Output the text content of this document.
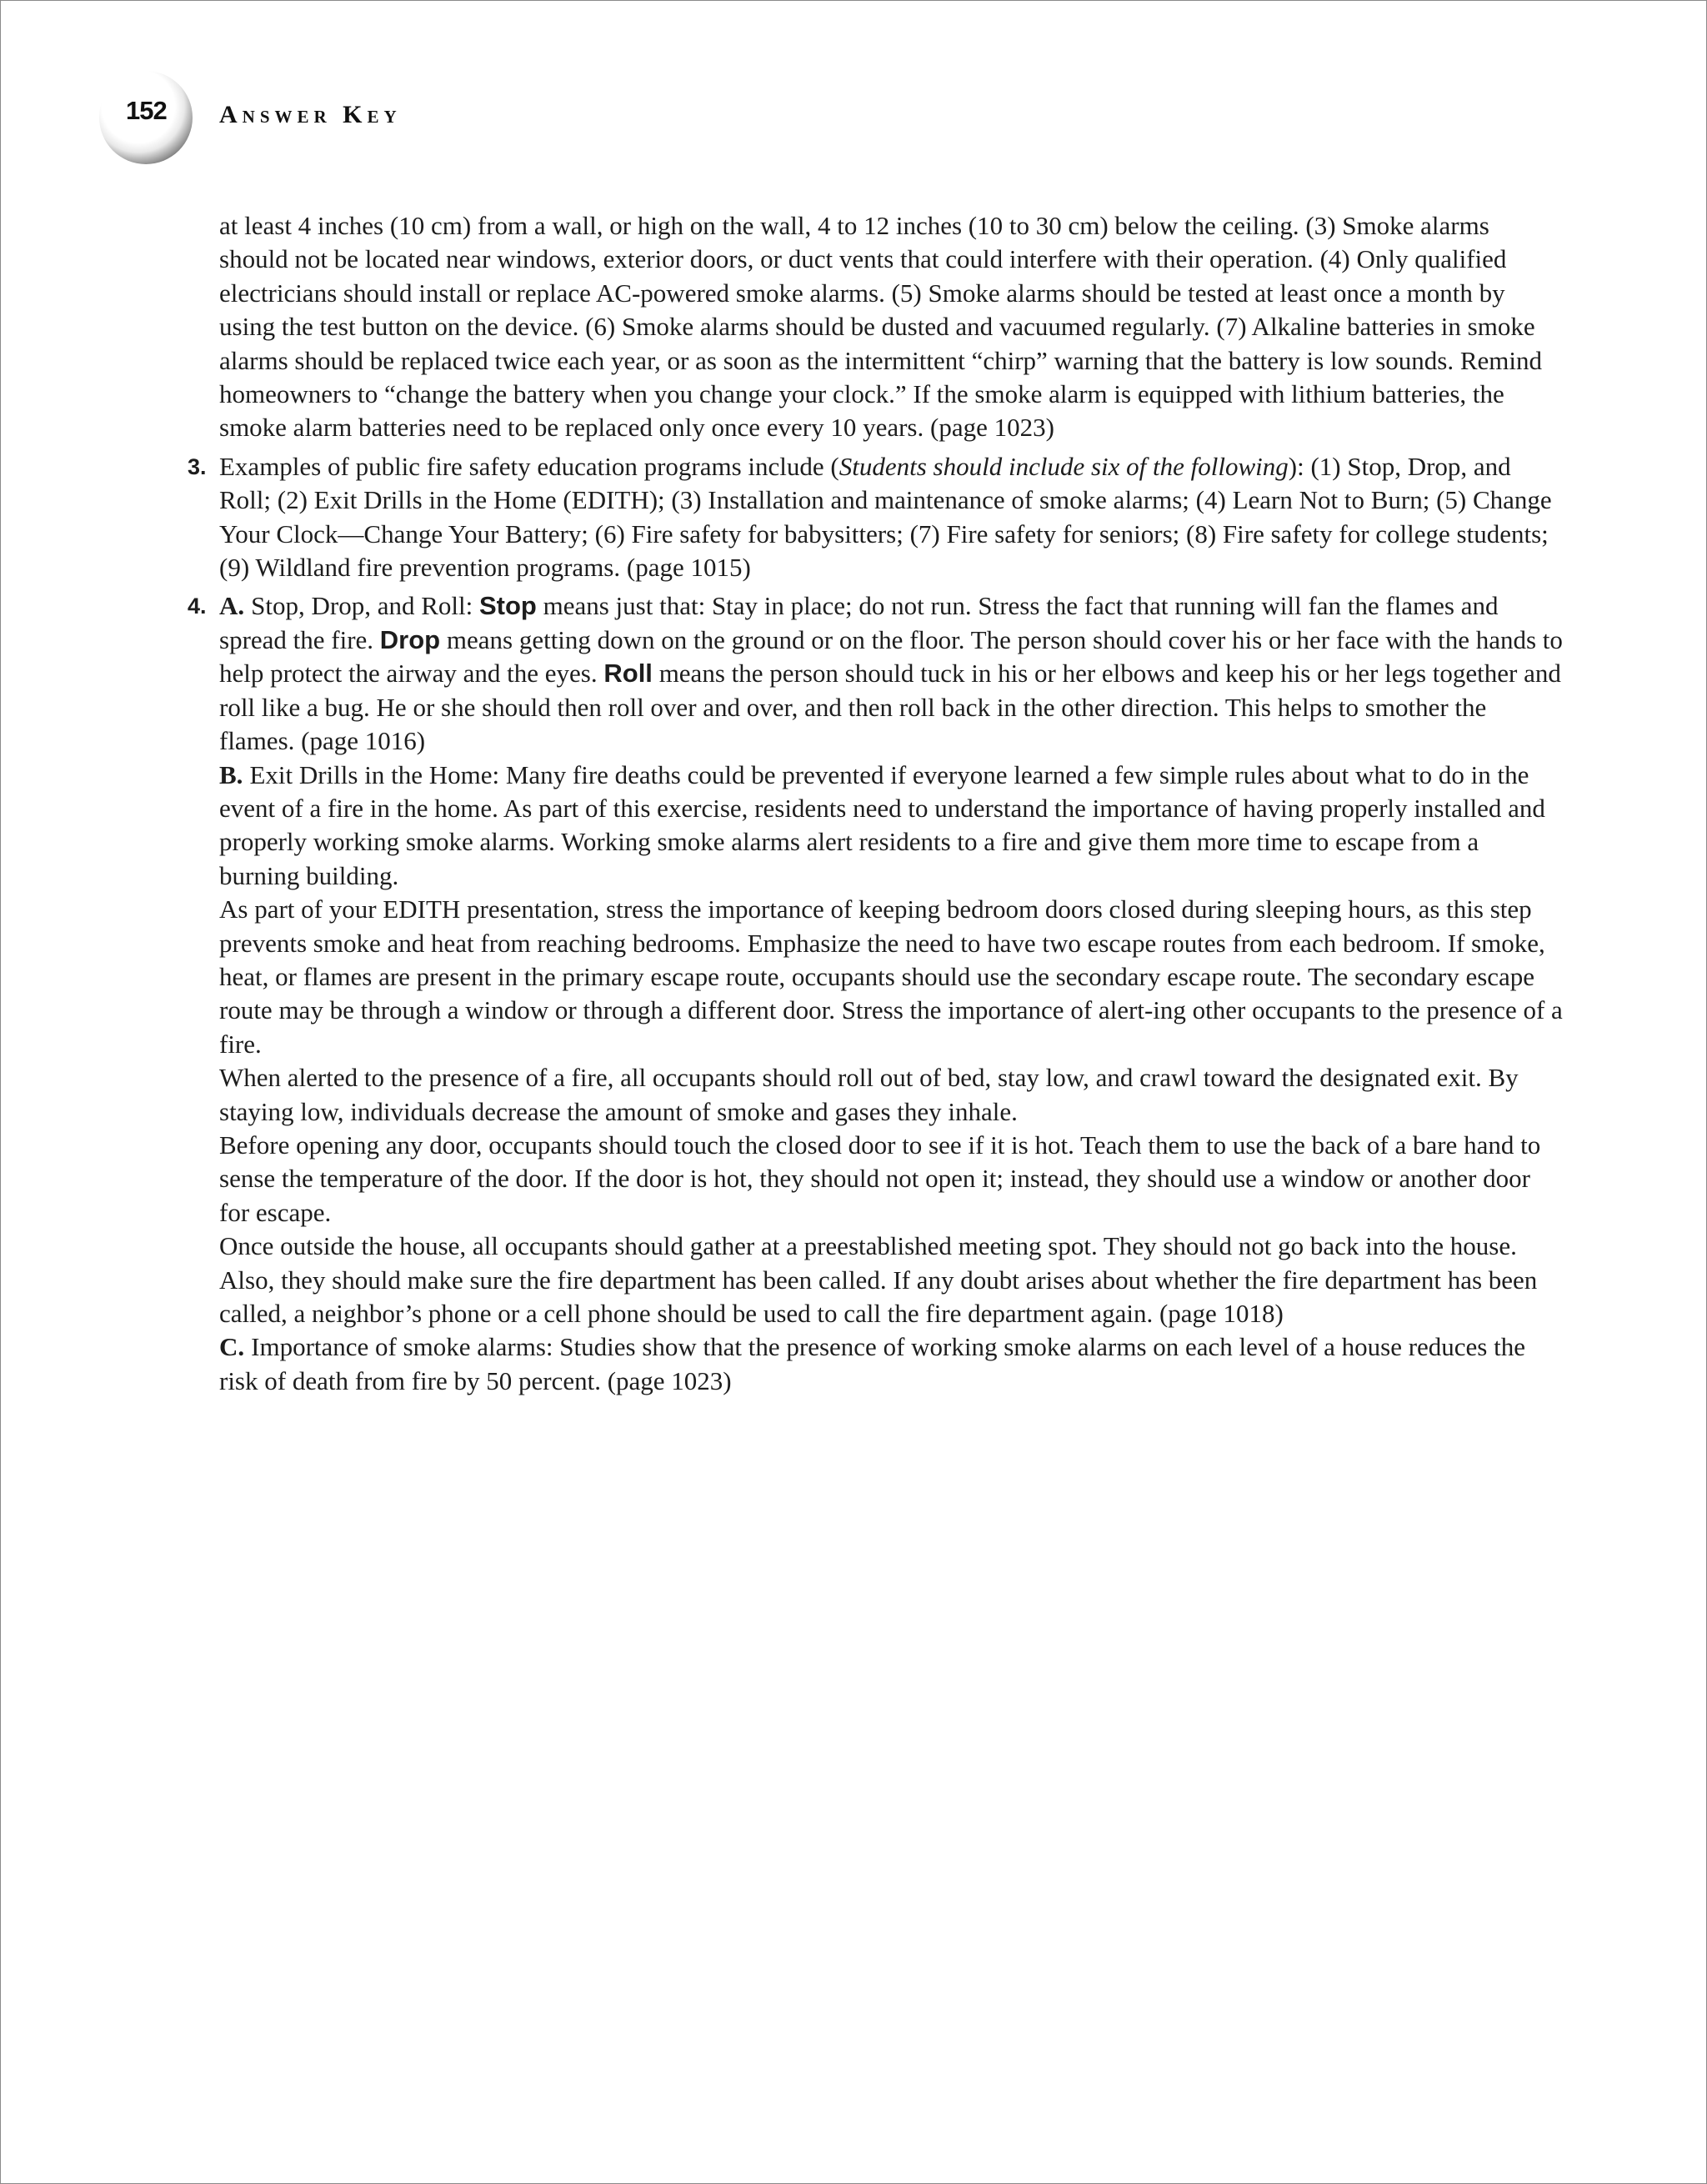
152 Answer Key

at least 4 inches (10 cm) from a wall, or high on the wall, 4 to 12 inches (10 to 30 cm) below the ceiling. (3) Smoke alarms should not be located near windows, exterior doors, or duct vents that could interfere with their operation. (4) Only qualified electricians should install or replace AC-powered smoke alarms. (5) Smoke alarms should be tested at least once a month by using the test button on the device. (6) Smoke alarms should be dusted and vacuumed regularly. (7) Alkaline batteries in smoke alarms should be replaced twice each year, or as soon as the intermittent “chirp” warning that the battery is low sounds. Remind homeowners to “change the battery when you change your clock.” If the smoke alarm is equipped with lithium batteries, the smoke alarm batteries need to be replaced only once every 10 years. (page 1023)

3. Examples of public fire safety education programs include (Students should include six of the following): (1) Stop, Drop, and Roll; (2) Exit Drills in the Home (EDITH); (3) Installation and maintenance of smoke alarms; (4) Learn Not to Burn; (5) Change Your Clock—Change Your Battery; (6) Fire safety for babysitters; (7) Fire safety for seniors; (8) Fire safety for college students; (9) Wildland fire prevention programs. (page 1015)

4. A. Stop, Drop, and Roll: Stop means just that: Stay in place; do not run. Stress the fact that running will fan the flames and spread the fire. Drop means getting down on the ground or on the floor. The person should cover his or her face with the hands to help protect the airway and the eyes. Roll means the person should tuck in his or her elbows and keep his or her legs together and roll like a bug. He or she should then roll over and over, and then roll back in the other direction. This helps to smother the flames. (page 1016)

B. Exit Drills in the Home: Many fire deaths could be prevented if everyone learned a few simple rules about what to do in the event of a fire in the home. As part of this exercise, residents need to understand the importance of having properly installed and properly working smoke alarms. Working smoke alarms alert residents to a fire and give them more time to escape from a burning building.

As part of your EDITH presentation, stress the importance of keeping bedroom doors closed during sleeping hours, as this step prevents smoke and heat from reaching bedrooms. Emphasize the need to have two escape routes from each bedroom. If smoke, heat, or flames are present in the primary escape route, occupants should use the secondary escape route. The secondary escape route may be through a window or through a different door. Stress the importance of alert-ing other occupants to the presence of a fire.

When alerted to the presence of a fire, all occupants should roll out of bed, stay low, and crawl toward the designated exit. By staying low, individuals decrease the amount of smoke and gases they inhale.

Before opening any door, occupants should touch the closed door to see if it is hot. Teach them to use the back of a bare hand to sense the temperature of the door. If the door is hot, they should not open it; instead, they should use a window or another door for escape.

Once outside the house, all occupants should gather at a preestablished meeting spot. They should not go back into the house. Also, they should make sure the fire department has been called. If any doubt arises about whether the fire department has been called, a neighbor’s phone or a cell phone should be used to call the fire department again. (page 1018)

C. Importance of smoke alarms: Studies show that the presence of working smoke alarms on each level of a house reduces the risk of death from fire by 50 percent. (page 1023)
